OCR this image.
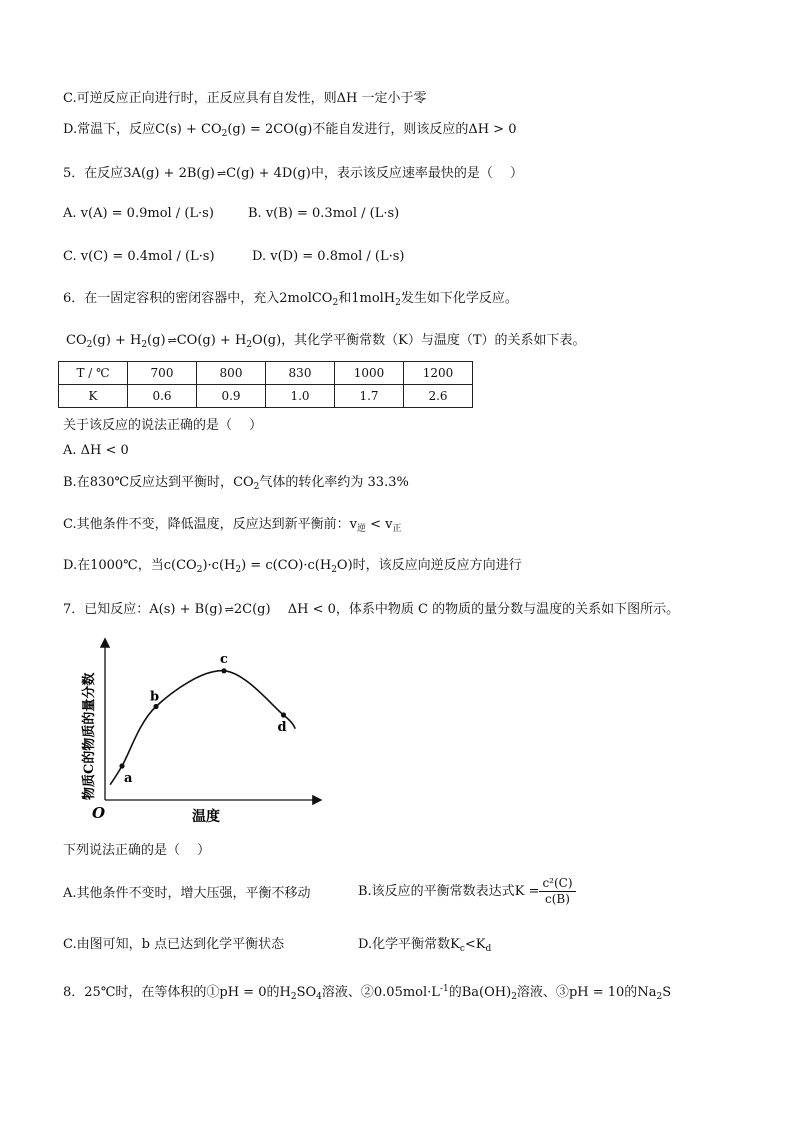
C.可逆反应正向进行时，正反应具有自发性，则ΔH 一定小于零
D.常温下，反应$C(s) + CO_2(g) = 2CO(g)$不能自发进行，则该反应的ΔH > 0
5．在反应3A(g) + 2B(g) ⇌ C(g) + 4D(g)中，表示该反应速率最快的是（　 ）
A. v(A) = 0.9mol / (L·s)	B. v(B) = 0.3mol / (L·s)
C. v(C) = 0.4mol / (L·s)	D. v(D) = 0.8mol / (L·s)
6．在一固定容积的密闭容器中，充入2molCO$_2$和1molH$_2$发生如下化学反应。
$CO_2(g) + H_2(g)$ ⇌ $CO(g) + H_2O(g)$，其化学平衡常数（K）与温度（T）的关系如下表。
T / ℃	700	800	830	1000	1200
K	0.6	0.9	1.0	1.7	2.6
关于该反应的说法正确的是（　 ）
A. ΔH < 0
B.在830℃反应达到平衡时，$CO_2$气体的转化率约为 33.3%
C.其他条件不变，降低温度，反应达到新平衡前：$v_逆 < v_正$
D.在1000℃，当$c(CO_2)\cdot c(H_2) = c(CO)\cdot c(H_2O)$时，该反应向逆反应方向进行
7．已知反应：A(s) + B(g) ⇌ 2C(g)　 ΔH < 0，体系中物质 C 的物质的量分数与温度的关系如下图所示。
O	温度
物质C的物质的量分数 a
b
c
d
下列说法正确的是（　 ）
A.其他条件不变时，增大压强，平衡不移动	B.该反应的平衡常数表达式$K = \frac{\text{c²(C)}}{c(B)}$
C.由图可知，b 点已达到化学平衡状态	D.化学平衡常数$K_c<K_d$
8．25℃时，在等体积的①pH = 0的$H_2SO_4$溶液、$②0.05mol\cdot L^{-1}$的$Ba(OH)_2$溶液、③pH = 10的$Na_2S$
